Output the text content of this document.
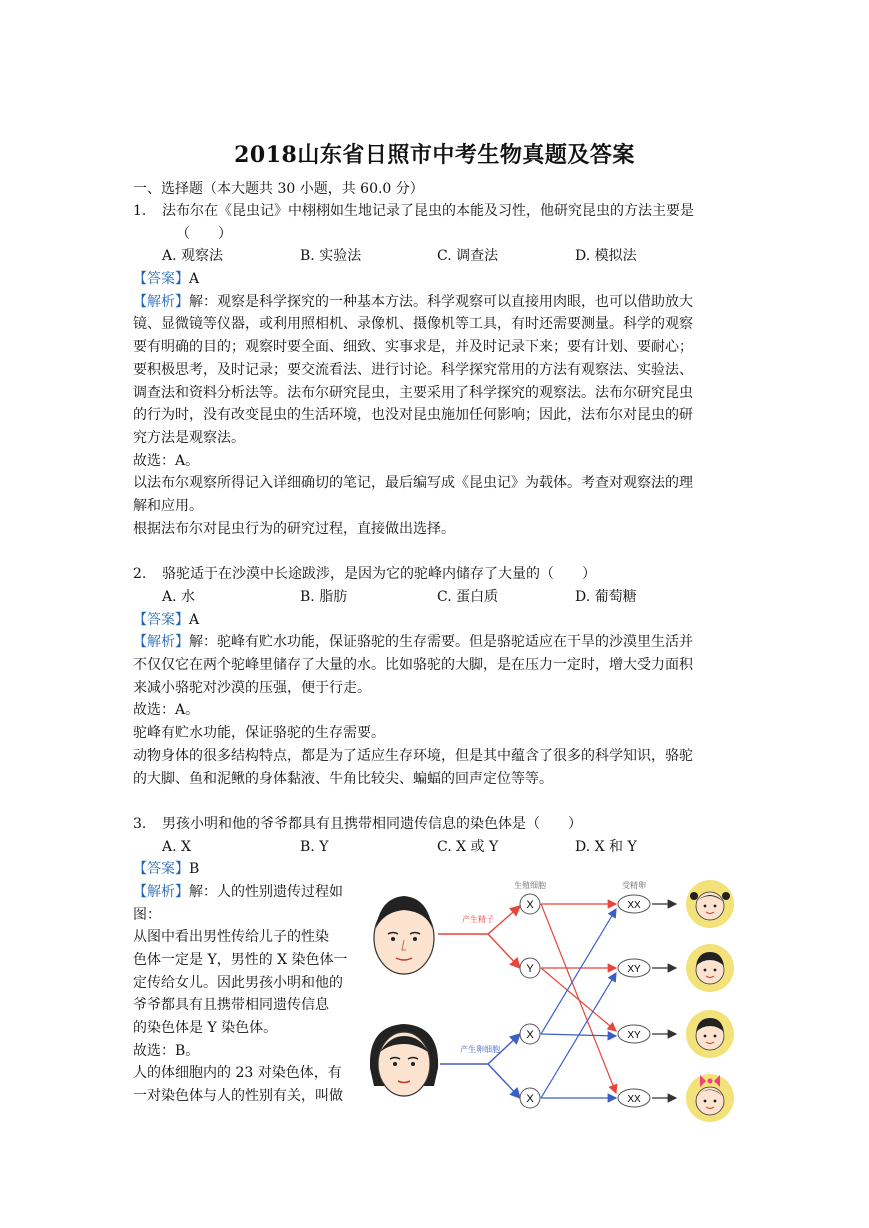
2018山东省日照市中考生物真题及答案
一、选择题（本大题共 30 小题，共 60.0 分）
1. 法布尔在《昆虫记》中栩栩如生地记录了昆虫的本能及习性，他研究昆虫的方法主要是
（　　）
A. 观察法	B. 实验法	C. 调查法	D. 模拟法
【答案】A
【解析】解：观察是科学探究的一种基本方法。科学观察可以直接用肉眼，也可以借助放大
镜、显微镜等仪器，或利用照相机、录像机、摄像机等工具，有时还需要测量。科学的观察
要有明确的目的；观察时要全面、细致、实事求是，并及时记录下来；要有计划、要耐心；
要积极思考，及时记录；要交流看法、进行讨论。科学探究常用的方法有观察法、实验法、
调查法和资料分析法等。法布尔研究昆虫，主要采用了科学探究的观察法。法布尔研究昆虫
的行为时，没有改变昆虫的生活环境，也没对昆虫施加任何影响；因此，法布尔对昆虫的研
究方法是观察法。
故选：A。
以法布尔观察所得记入详细确切的笔记，最后编写成《昆虫记》为载体。考查对观察法的理
解和应用。
根据法布尔对昆虫行为的研究过程，直接做出选择。
2. 骆驼适于在沙漠中长途跋涉，是因为它的驼峰内储存了大量的（　　）
A. 水	B. 脂肪	C. 蛋白质	D. 葡萄糖
【答案】A
【解析】解：驼峰有贮水功能，保证骆驼的生存需要。但是骆驼适应在干旱的沙漠里生活并
不仅仅它在两个驼峰里储存了大量的水。比如骆驼的大脚，是在压力一定时，增大受力面积
来减小骆驼对沙漠的压强，便于行走。
故选：A。
驼峰有贮水功能，保证骆驼的生存需要。
动物身体的很多结构特点，都是为了适应生存环境，但是其中蕴含了很多的科学知识，骆驼
的大脚、鱼和泥鳅的身体黏液、牛角比较尖、蝙蝠的回声定位等等。
3. 男孩小明和他的爷爷都具有且携带相同遗传信息的染色体是（　　）
A. X	B. Y	C. X 或 Y	D. X 和 Y
【答案】B
【解析】解：人的性别遗传过程如
图：
从图中看出男性传给儿子的性染
色体一定是 Y，男性的 X 染色体一
定传给女儿。因此男孩小明和他的
爷爷都具有且携带相同遗传信息
的染色体是 Y 染色体。
故选：B。
人的体细胞内的 23 对染色体，有
一对染色体与人的性别有关，叫做
生殖细胞	受精卵
产生精子
产生卵细胞
X
Y
X
X
XX
XY
XY
XX
